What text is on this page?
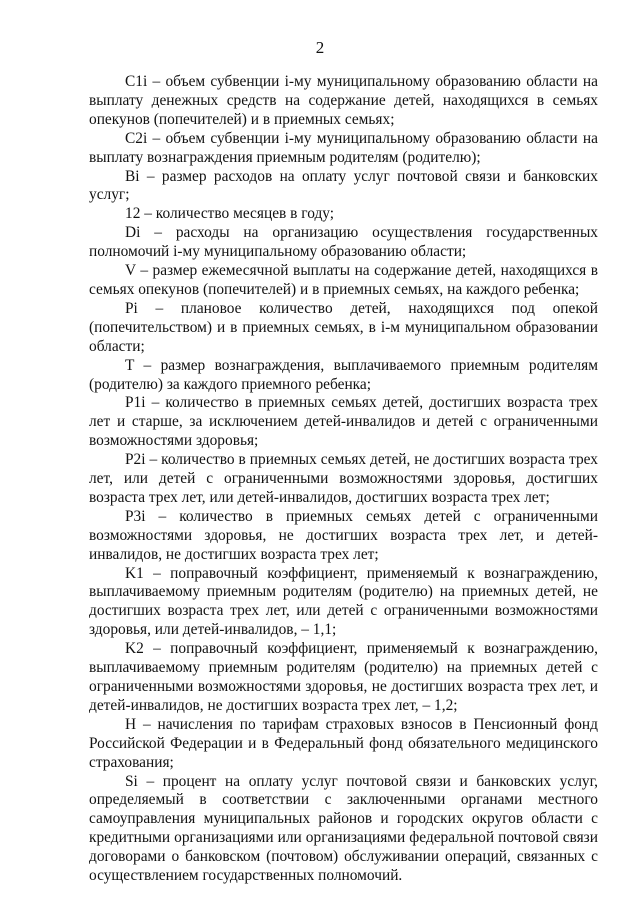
2

C1i – объем субвенции i-му муниципальному образованию области на выплату денежных средств на содержание детей, находящихся в семьях опекунов (попечителей) и в приемных семьях;

C2i – объем субвенции i-му муниципальному образованию области на выплату вознаграждения приемным родителям (родителю);

Bi – размер расходов на оплату услуг почтовой связи и банковских услуг;

12 – количество месяцев в году;

Di – расходы на организацию осуществления государственных полномочий i-му муниципальному образованию области;

V – размер ежемесячной выплаты на содержание детей, находящихся в семьях опекунов (попечителей) и в приемных семьях, на каждого ребенка;

Pi – плановое количество детей, находящихся под опекой (попечительством) и в приемных семьях, в i-м муниципальном образовании области;

T – размер вознаграждения, выплачиваемого приемным родителям (родителю) за каждого приемного ребенка;

P1i – количество в приемных семьях детей, достигших возраста трех лет и старше, за исключением детей-инвалидов и детей с ограниченными возможностями здоровья;

P2i – количество в приемных семьях детей, не достигших возраста трех лет, или детей с ограниченными возможностями здоровья, достигших возраста трех лет, или детей-инвалидов, достигших возраста трех лет;

P3i – количество в приемных семьях детей с ограниченными возможностями здоровья, не достигших возраста трех лет, и детей-инвалидов, не достигших возраста трех лет;

K1 – поправочный коэффициент, применяемый к вознаграждению, выплачиваемому приемным родителям (родителю) на приемных детей, не достигших возраста трех лет, или детей с ограниченными возможностями здоровья, или детей-инвалидов, – 1,1;

K2 – поправочный коэффициент, применяемый к вознаграждению, выплачиваемому приемным родителям (родителю) на приемных детей с ограниченными возможностями здоровья, не достигших возраста трех лет, и детей-инвалидов, не достигших возраста трех лет, – 1,2;

H – начисления по тарифам страховых взносов в Пенсионный фонд Российской Федерации и в Федеральный фонд обязательного медицинского страхования;

Si – процент на оплату услуг почтовой связи и банковских услуг, определяемый в соответствии с заключенными органами местного самоуправления муниципальных районов и городских округов области с кредитными организациями или организациями федеральной почтовой связи договорами о банковском (почтовом) обслуживании операций, связанных с осуществлением государственных полномочий.
